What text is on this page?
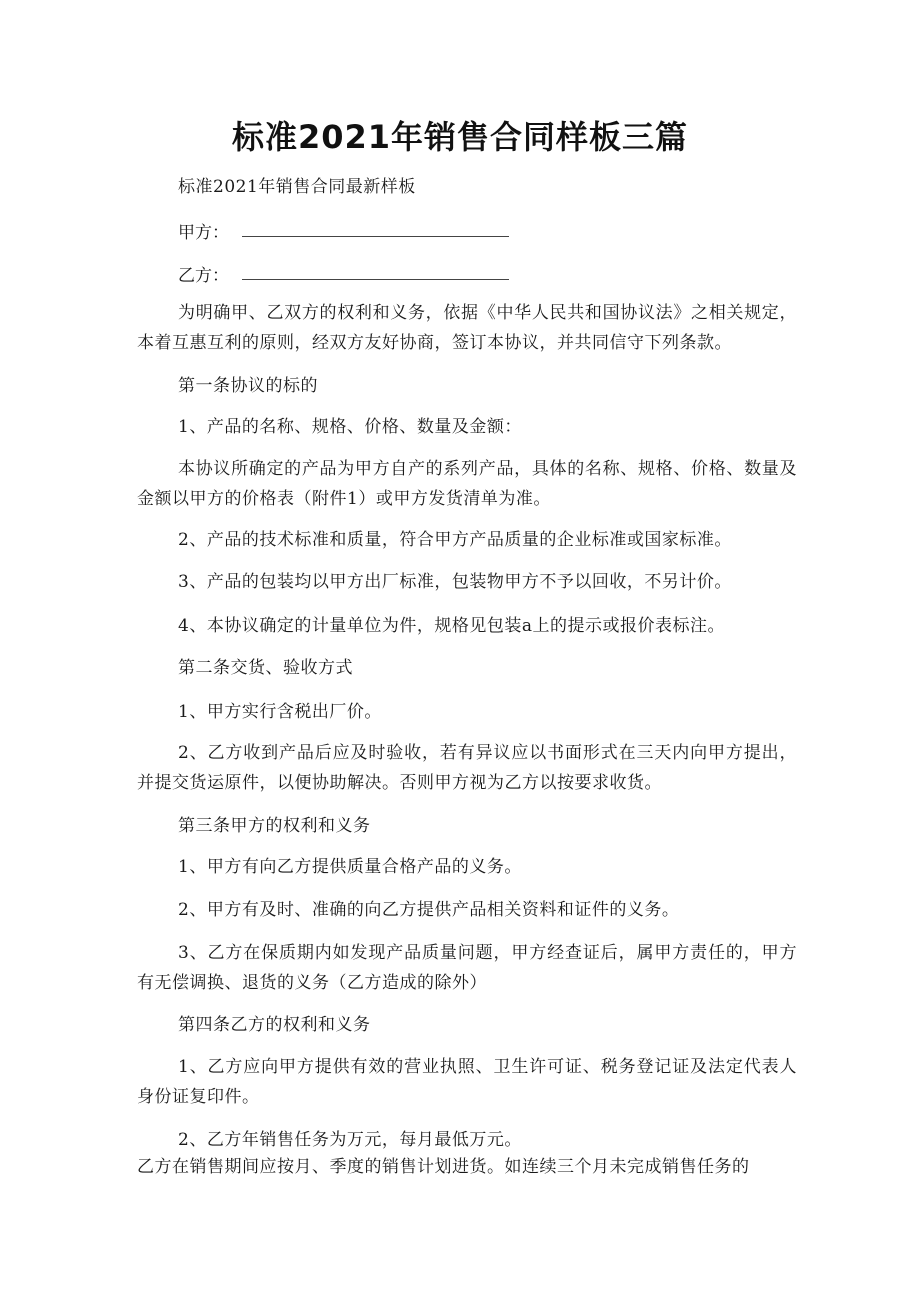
标准2021年销售合同样板三篇
标准2021年销售合同最新样板
甲方：
乙方：
为明确甲、乙双方的权利和义务，依据《中华人民共和国协议法》之相关规定，本着互惠互利的原则，经双方友好协商，签订本协议，并共同信守下列条款。
第一条协议的标的
1、产品的名称、规格、价格、数量及金额：
本协议所确定的产品为甲方自产的系列产品，具体的名称、规格、价格、数量及金额以甲方的价格表（附件1）或甲方发货清单为准。
2、产品的技术标准和质量，符合甲方产品质量的企业标准或国家标准。
3、产品的包装均以甲方出厂标准，包装物甲方不予以回收，不另计价。
4、本协议确定的计量单位为件，规格见包装a上的提示或报价表标注。
第二条交货、验收方式
1、甲方实行含税出厂价。
2、乙方收到产品后应及时验收，若有异议应以书面形式在三天内向甲方提出，并提交货运原件，以便协助解决。否则甲方视为乙方以按要求收货。
第三条甲方的权利和义务
1、甲方有向乙方提供质量合格产品的义务。
2、甲方有及时、准确的向乙方提供产品相关资料和证件的义务。
3、乙方在保质期内如发现产品质量问题，甲方经查证后，属甲方责任的，甲方有无偿调换、退货的义务（乙方造成的除外）
第四条乙方的权利和义务
1、乙方应向甲方提供有效的营业执照、卫生许可证、税务登记证及法定代表人身份证复印件。
2、乙方年销售任务为万元，每月最低万元。
乙方在销售期间应按月、季度的销售计划进货。如连续三个月未完成销售任务的
